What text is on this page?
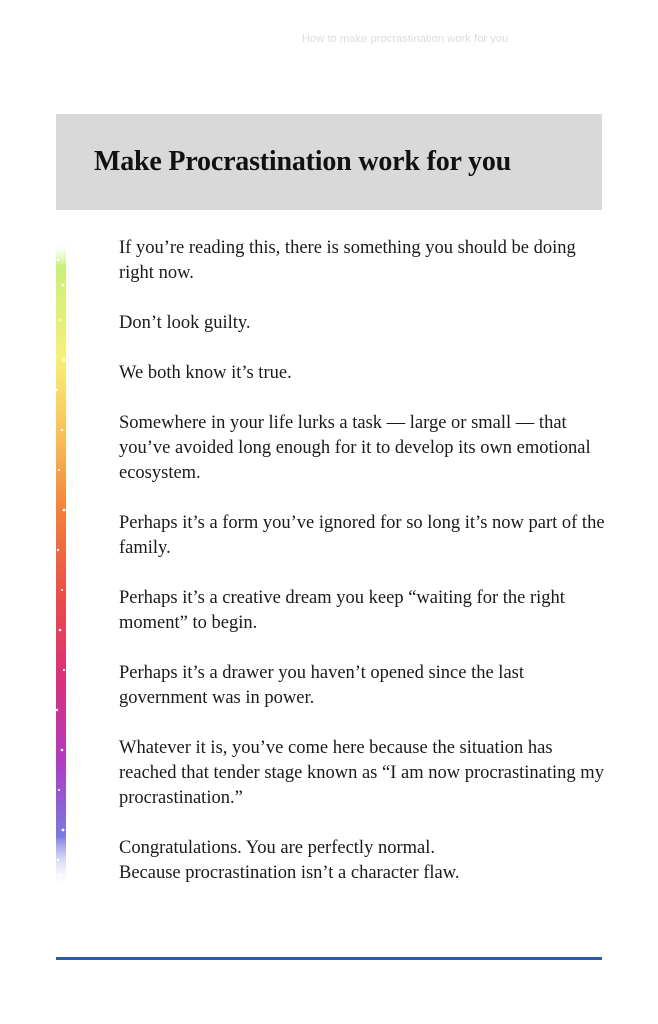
How to make procrastination work for you
Make Procrastination work for you

If you’re reading this, there is something you should be doing right now.

Don’t look guilty.

We both know it’s true.

Somewhere in your life lurks a task — large or small — that you’ve avoided long enough for it to develop its own emotional ecosystem.

Perhaps it’s a form you’ve ignored for so long it’s now part of the family.

Perhaps it’s a creative dream you keep “waiting for the right moment” to begin.

Perhaps it’s a drawer you haven’t opened since the last government was in power.

Whatever it is, you’ve come here because the situation has reached that tender stage known as “I am now procrastinating my procrastination.”

Congratulations. You are perfectly normal.

Because procrastination isn’t a character flaw.
